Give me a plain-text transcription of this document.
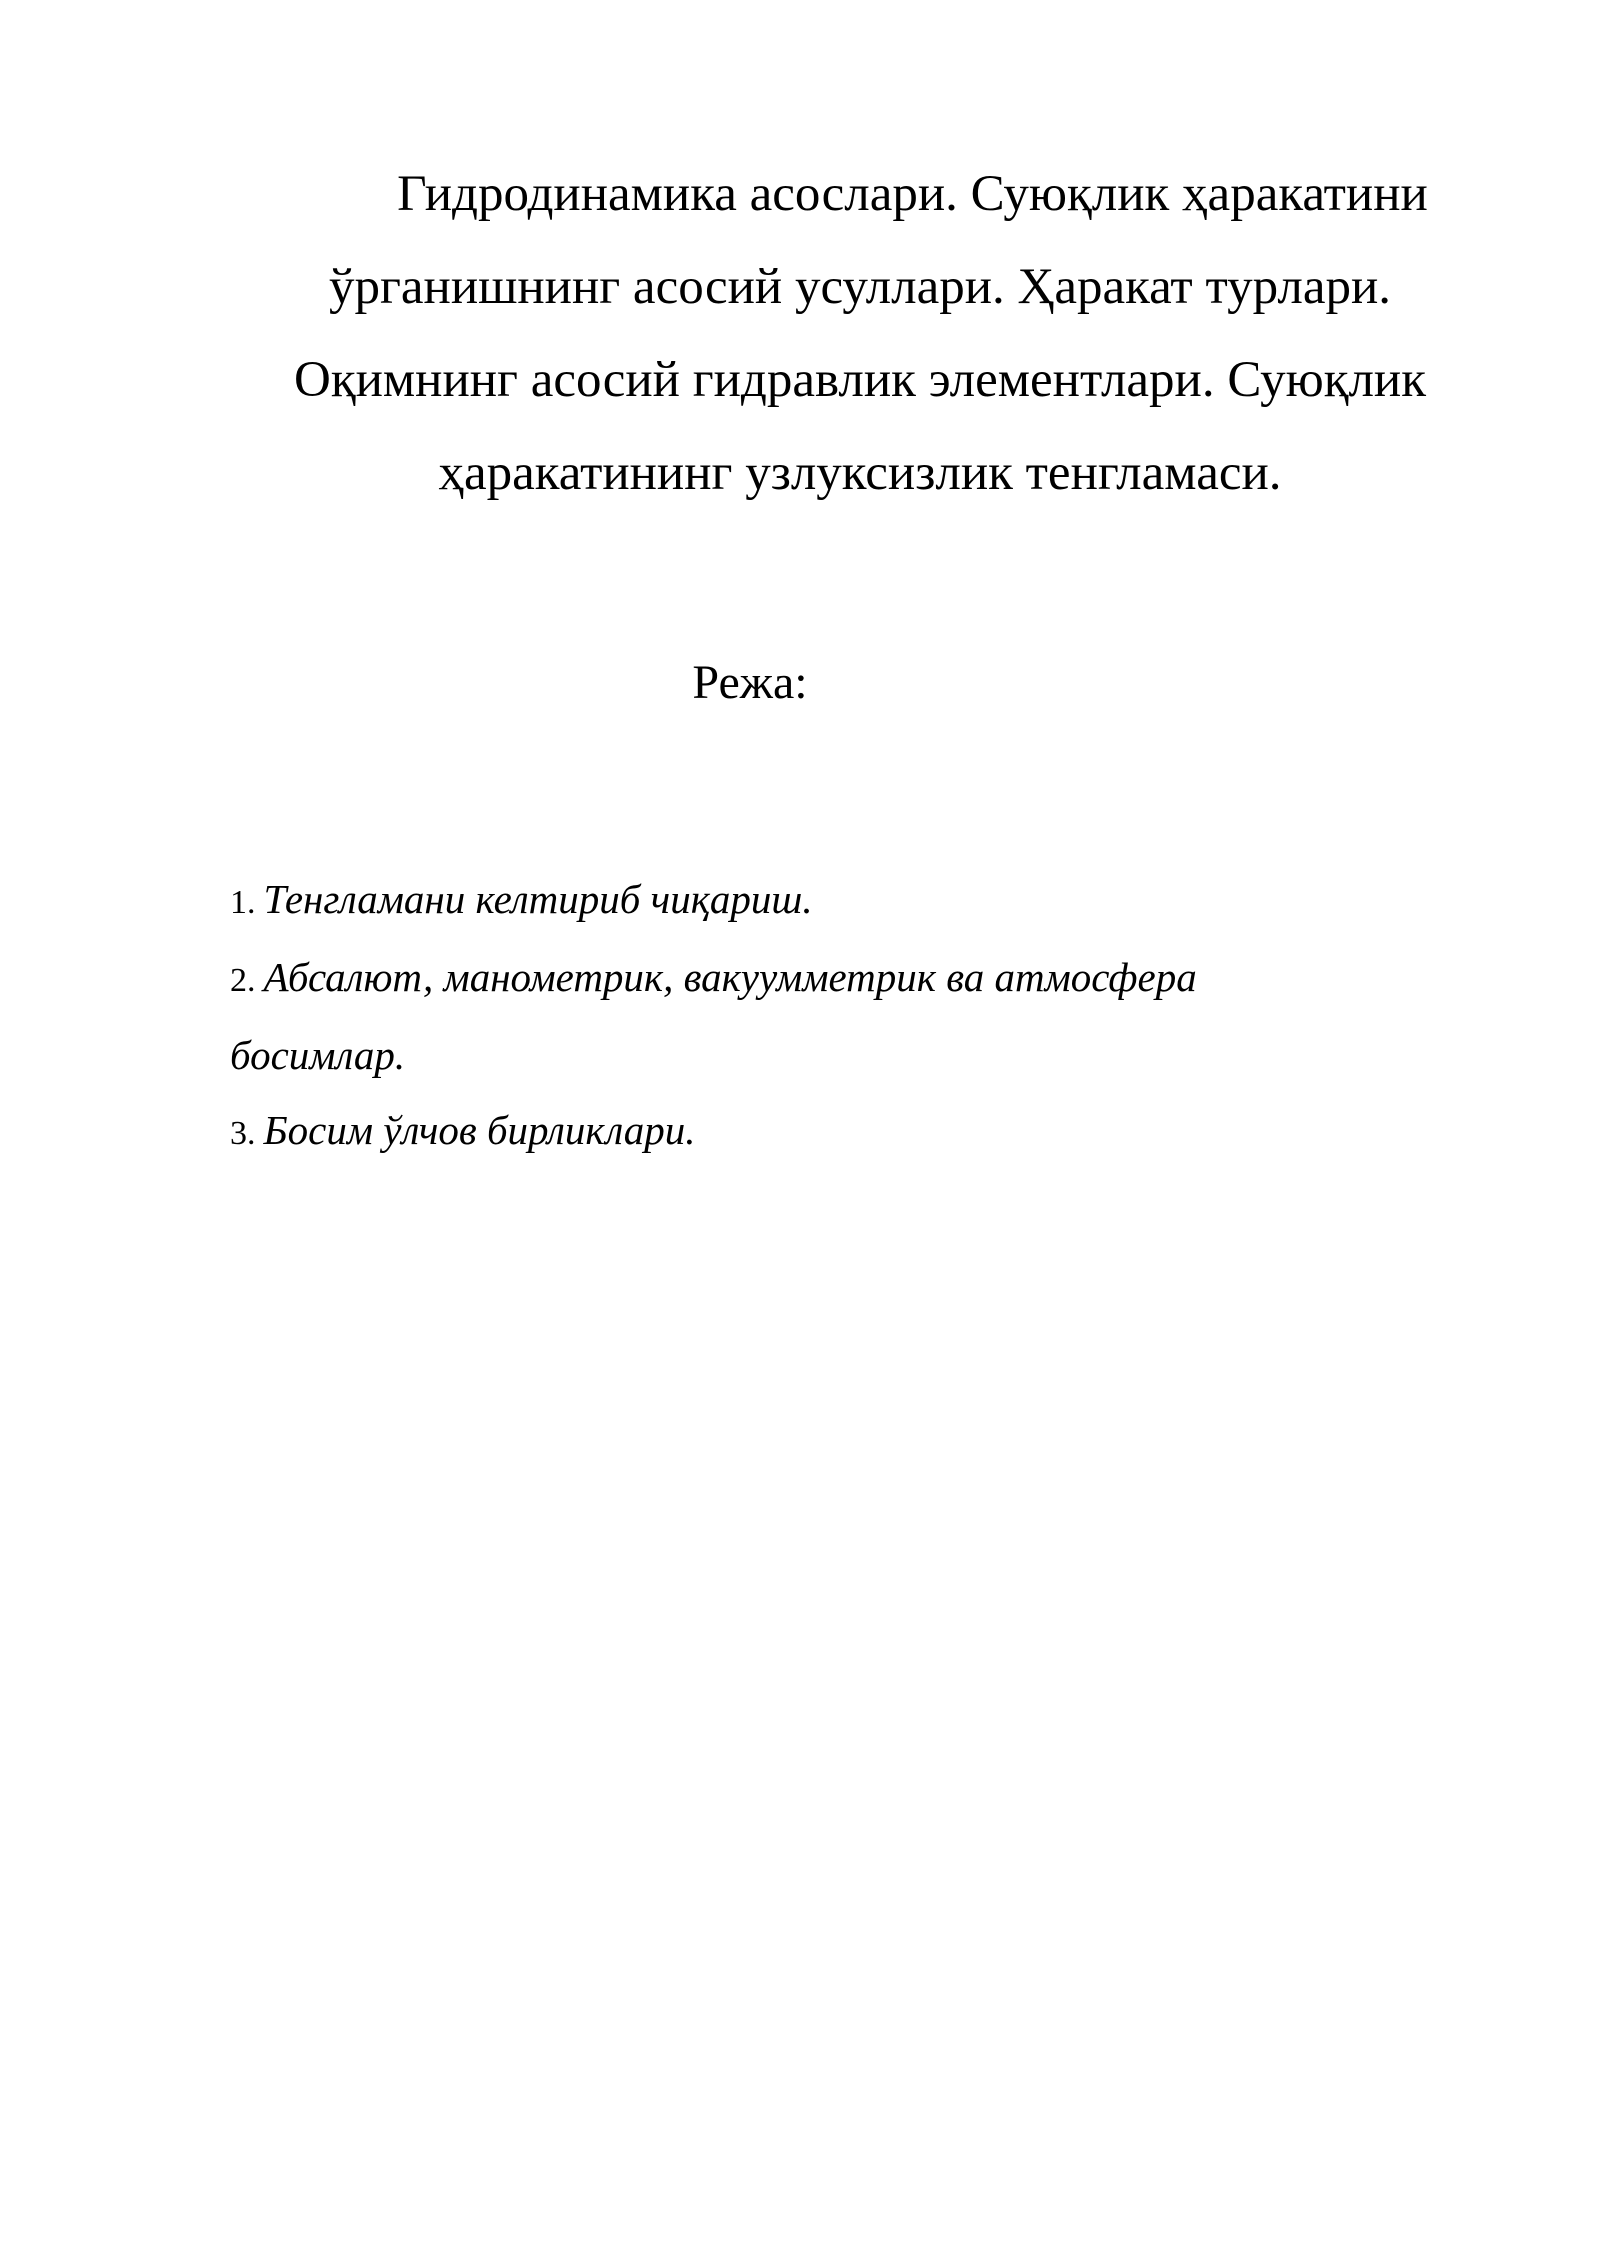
Гидродинамика асослари. Суюқлик ҳаракатини ўрганишнинг асосий усуллари. Ҳаракат турлари. Оқимнинг асосий гидравлик элементлари. Суюқлик ҳаракатининг узлуксизлик тенгламаси.
Режа:
1. Тенгламани келтириб чиқариш.
2. Абсалют, манометрик, вакуумметрик ва атмосфера босимлар.
3. Босим ўлчов бирликлари.
